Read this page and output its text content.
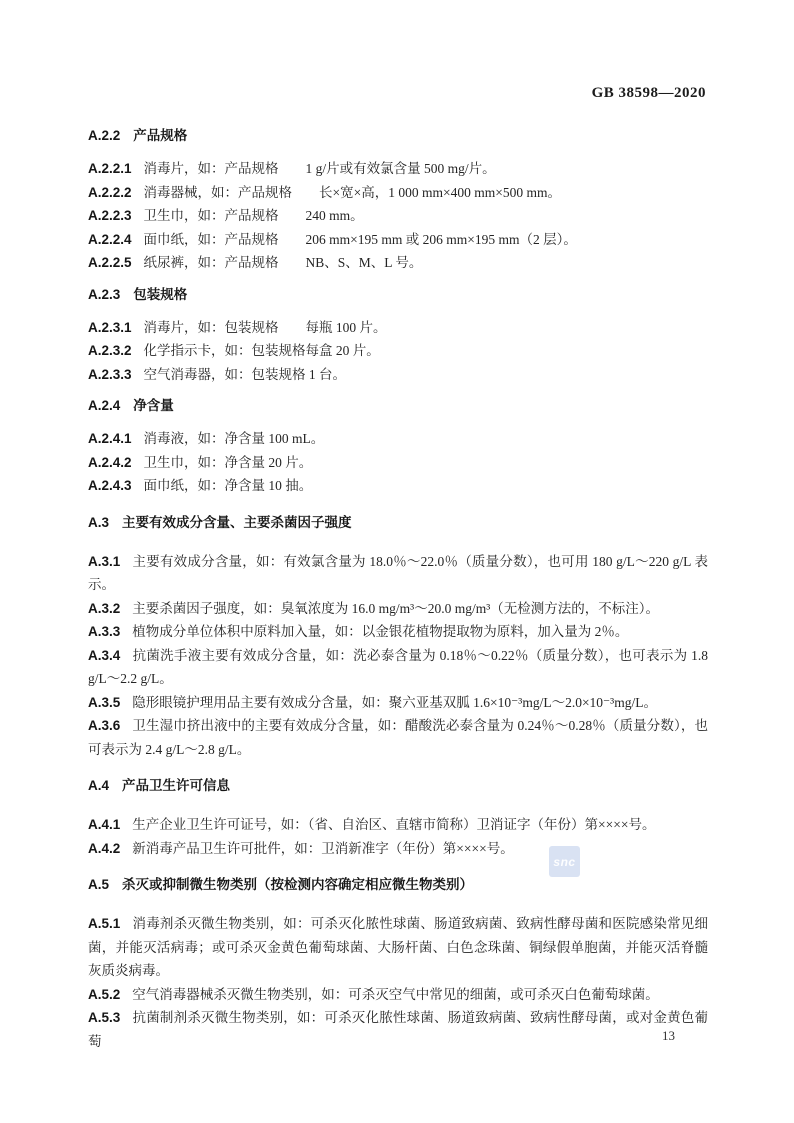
GB 38598—2020
A.2.2 产品规格
A.2.2.1 消毒片，如：产品规格　　1 g/片或有效氯含量 500 mg/片。
A.2.2.2 消毒器械，如：产品规格　　长×宽×高，1 000 mm×400 mm×500 mm。
A.2.2.3 卫生巾，如：产品规格　　240 mm。
A.2.2.4 面巾纸，如：产品规格　　206 mm×195 mm 或 206 mm×195 mm（2 层）。
A.2.2.5 纸尿裤，如：产品规格　　NB、S、M、L 号。
A.2.3 包装规格
A.2.3.1 消毒片，如：包装规格　　每瓶 100 片。
A.2.3.2 化学指示卡，如：包装规格每盒 20 片。
A.2.3.3 空气消毒器，如：包装规格 1 台。
A.2.4 净含量
A.2.4.1 消毒液，如：净含量 100 mL。
A.2.4.2 卫生巾，如：净含量 20 片。
A.2.4.3 面巾纸，如：净含量 10 抽。
A.3 主要有效成分含量、主要杀菌因子强度
A.3.1 主要有效成分含量，如：有效氯含量为 18.0％～22.0％（质量分数），也可用 180 g/L～220 g/L 表示。
A.3.2 主要杀菌因子强度，如：臭氧浓度为 16.0 mg/m³～20.0 mg/m³（无检测方法的，不标注）。
A.3.3 植物成分单位体积中原料加入量，如：以金银花植物提取物为原料，加入量为 2％。
A.3.4 抗菌洗手液主要有效成分含量，如：洗必泰含量为 0.18％～0.22％（质量分数），也可表示为 1.8 g/L～2.2 g/L。
A.3.5 隐形眼镜护理用品主要有效成分含量，如：聚六亚基双胍 1.6×10⁻³mg/L～2.0×10⁻³mg/L。
A.3.6 卫生湿巾挤出液中的主要有效成分含量，如：醋酸洗必泰含量为 0.24％～0.28％（质量分数），也可表示为 2.4 g/L～2.8 g/L。
A.4 产品卫生许可信息
A.4.1 生产企业卫生许可证号，如：（省、自治区、直辖市简称）卫消证字（年份）第××××号。
A.4.2 新消毒产品卫生许可批件，如：卫消新准字（年份）第××××号。
A.5 杀灭或抑制微生物类别（按检测内容确定相应微生物类别）
A.5.1 消毒剂杀灭微生物类别，如：可杀灭化脓性球菌、肠道致病菌、致病性酵母菌和医院感染常见细菌，并能灭活病毒；或可杀灭金黄色葡萄球菌、大肠杆菌、白色念珠菌、铜绿假单胞菌，并能灭活脊髓灰质炎病毒。
A.5.2 空气消毒器械杀灭微生物类别，如：可杀灭空气中常见的细菌，或可杀灭白色葡萄球菌。
A.5.3 抗菌制剂杀灭微生物类别，如：可杀灭化脓性球菌、肠道致病菌、致病性酵母菌，或对金黄色葡萄
snc
13
